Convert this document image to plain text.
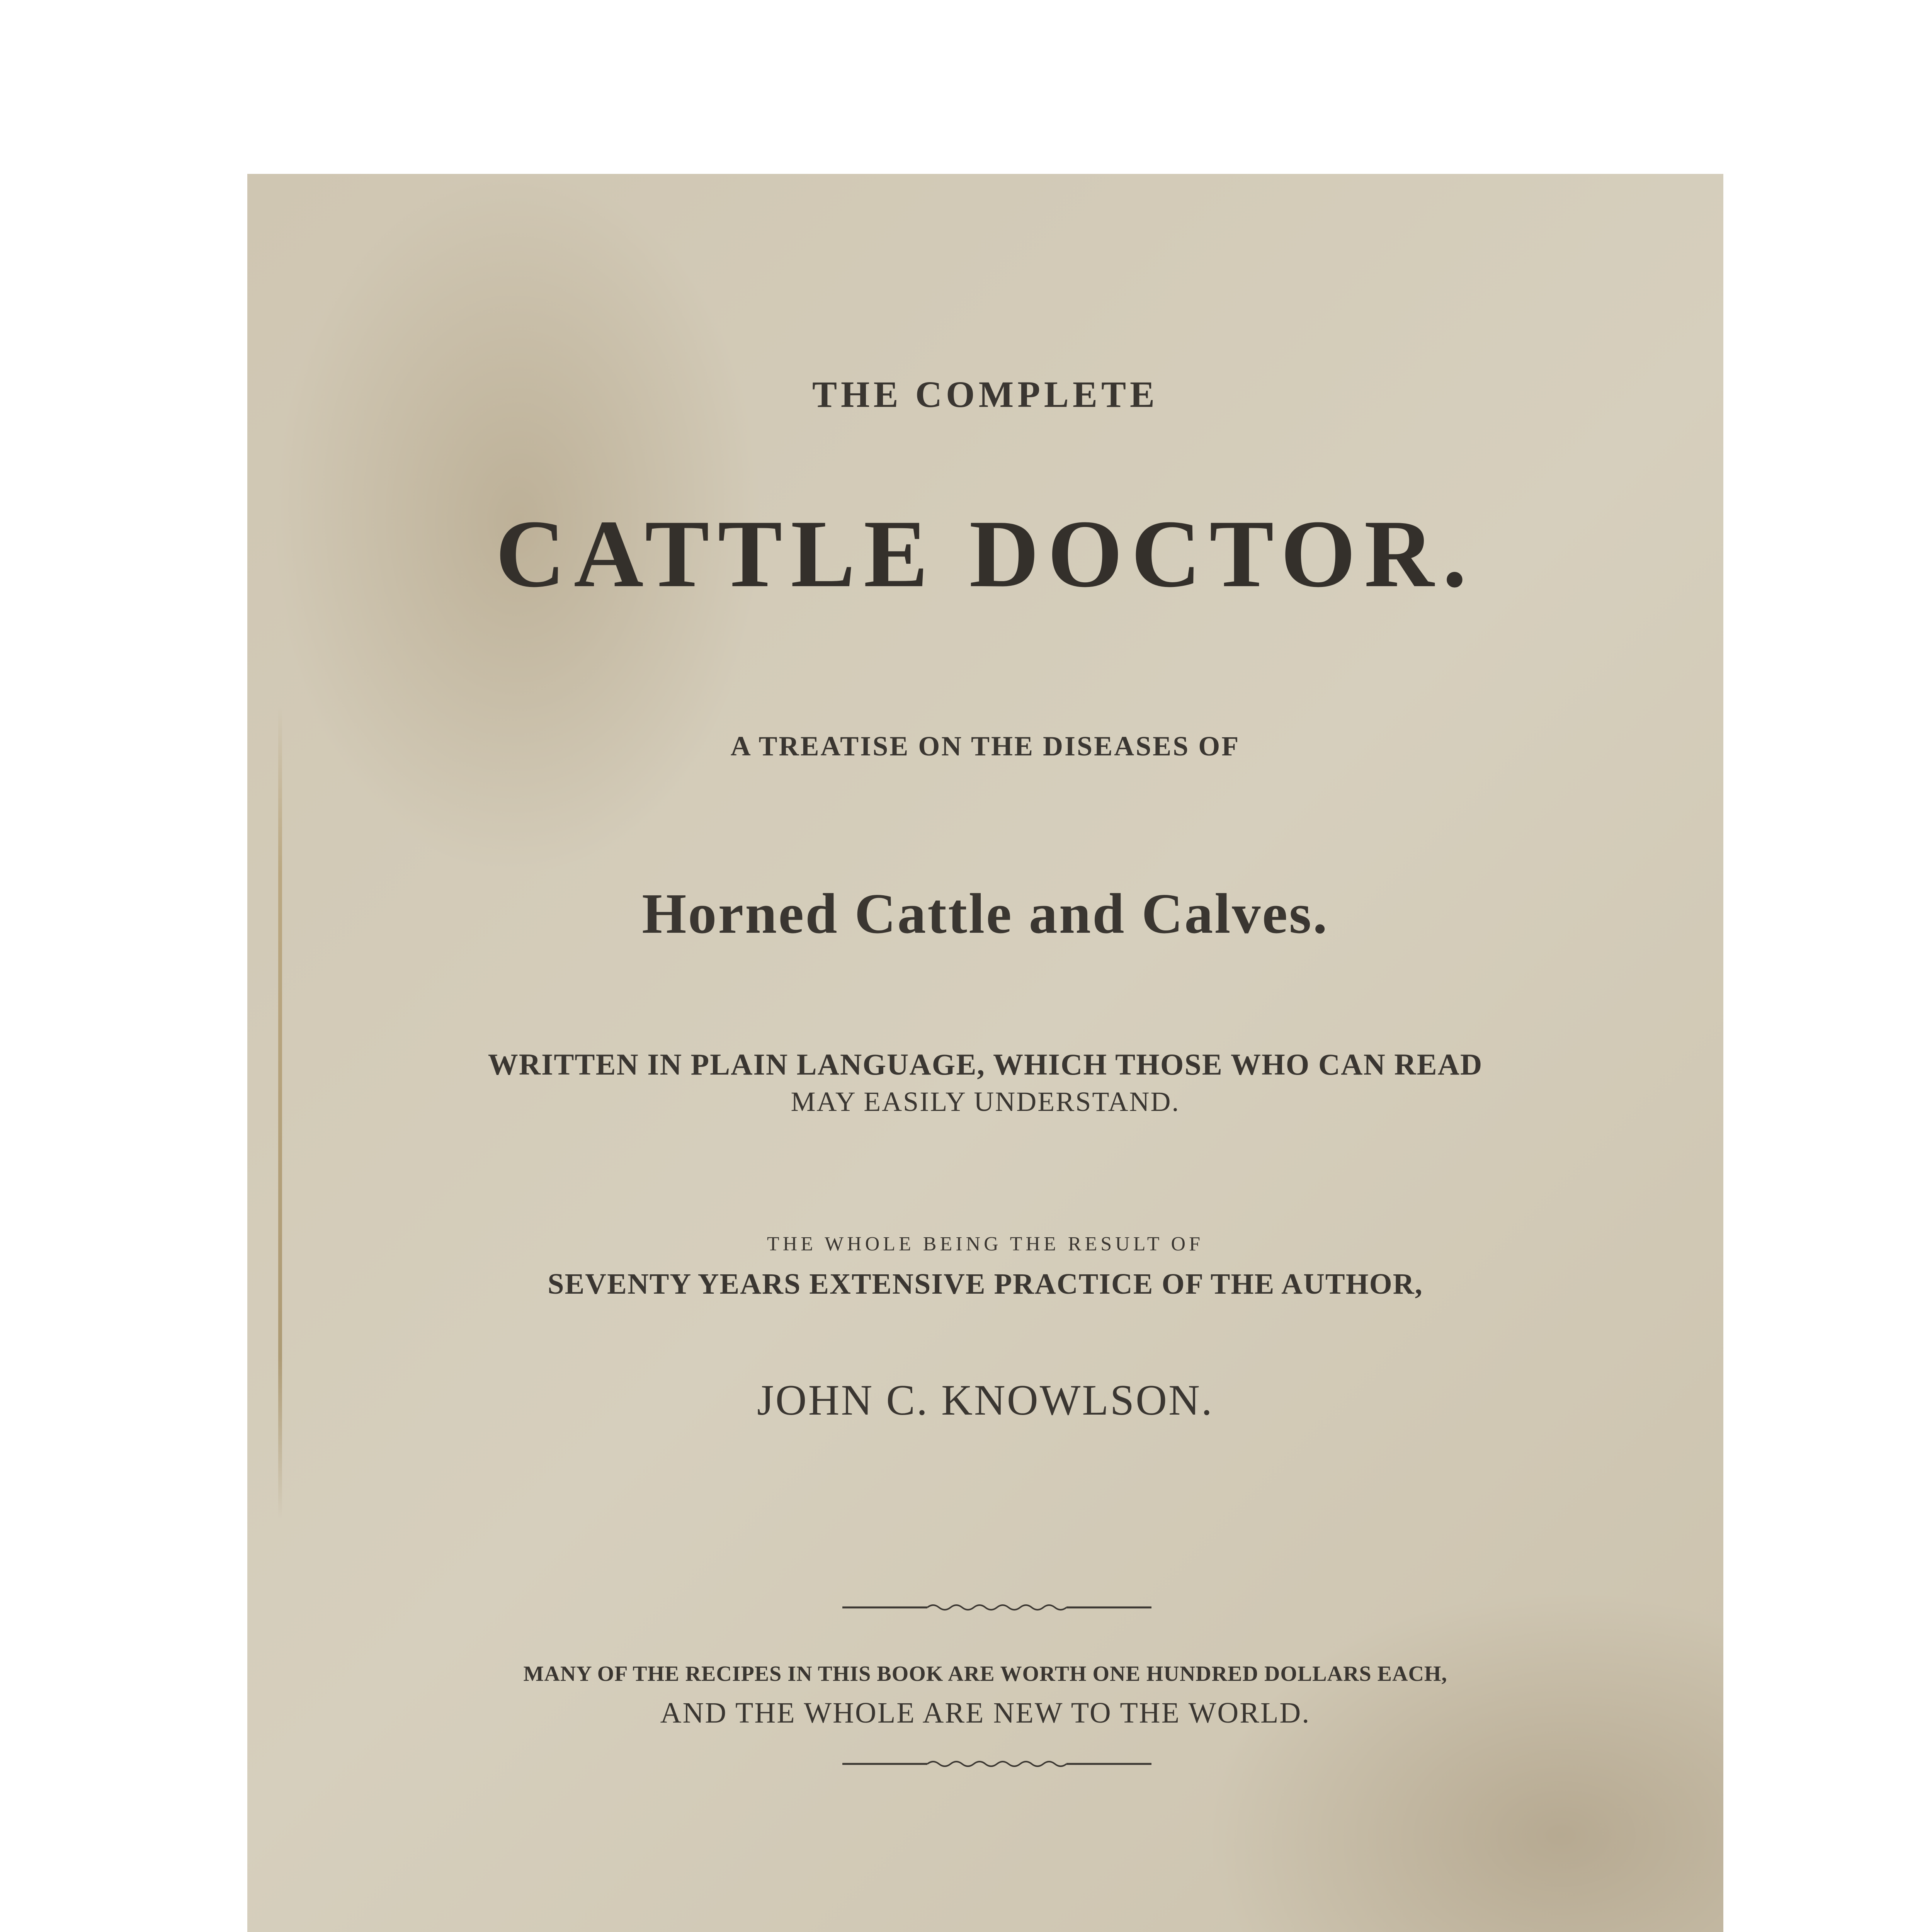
THE COMPLETE
CATTLE DOCTOR.
A TREATISE ON THE DISEASES OF
Horned Cattle and Calves.
WRITTEN IN PLAIN LANGUAGE, WHICH THOSE WHO CAN READ
MAY EASILY UNDERSTAND.
THE WHOLE BEING THE RESULT OF
SEVENTY YEARS EXTENSIVE PRACTICE OF THE AUTHOR,
JOHN C. KNOWLSON.
MANY OF THE RECIPES IN THIS BOOK ARE WORTH ONE HUNDRED DOLLARS EACH,
AND THE WHOLE ARE NEW TO THE WORLD.
